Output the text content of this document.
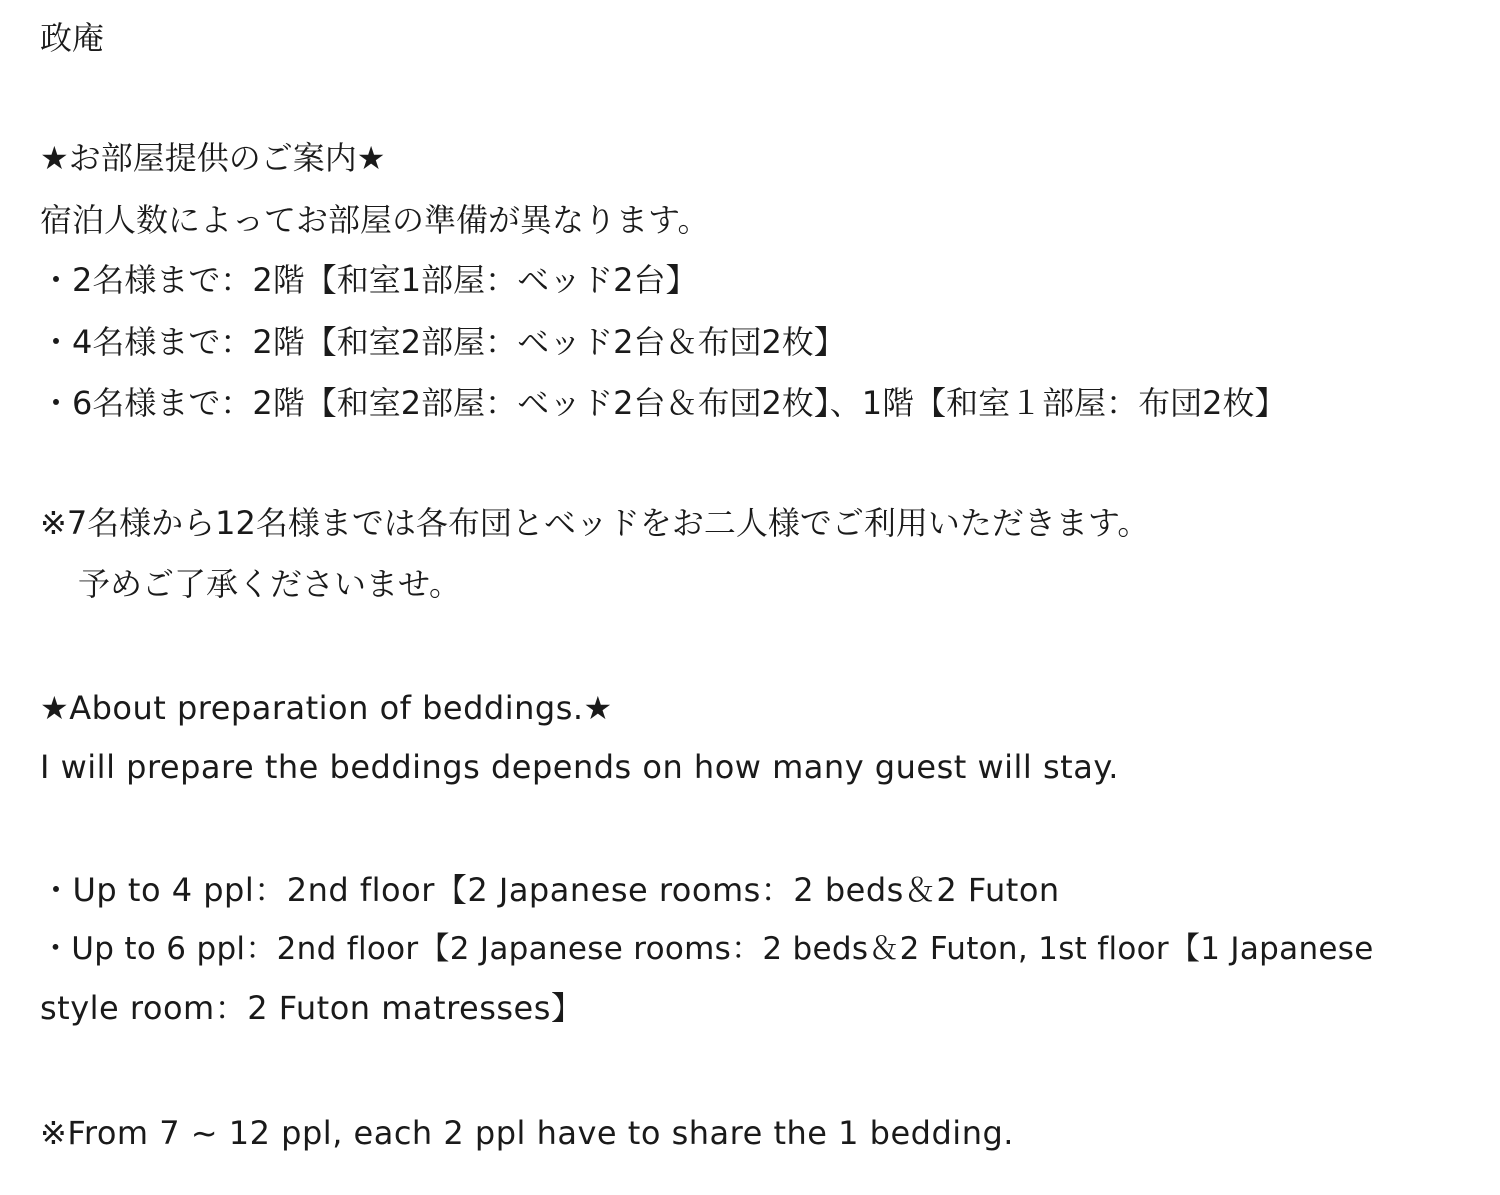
政庵

★お部屋提供のご案内★

宿泊人数によってお部屋の準備が異なります。

・2名様まで：2階【和室1部屋：ベッド2台】

・4名様まで：2階【和室2部屋：ベッド2台＆布団2枚】

・6名様まで：2階【和室2部屋：ベッド2台＆布団2枚】、1階【和室１部屋：布団2枚】

※7名様から12名様までは各布団とベッドをお二人様でご利用いただきます。

予めご了承くださいませ。

★About preparation of beddings.★

I will prepare the beddings depends on how many guest will stay.

・Up to 4 ppl：2nd floor【2 Japanese rooms：2 beds＆2 Futon

・Up to 6 ppl：2nd floor【2 Japanese rooms：2 beds＆2 Futon, 1st floor【1 Japanese

style room：2 Futon matresses】

※From 7 ~ 12 ppl, each 2 ppl have to share the 1 bedding.
